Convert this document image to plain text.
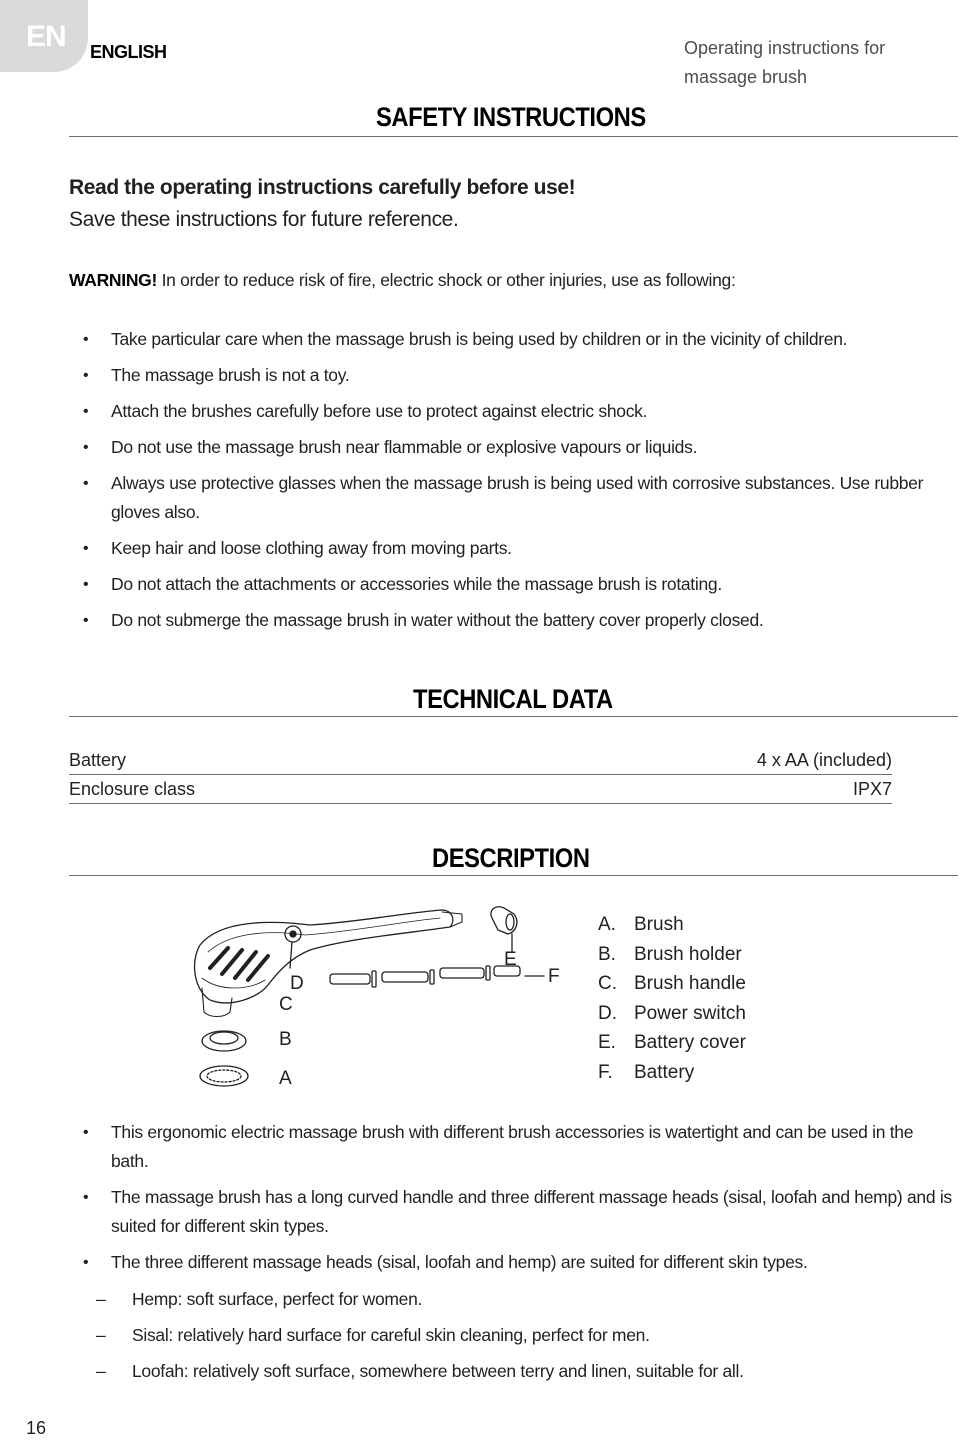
EN ENGLISH	Operating instructions for massage brush
SAFETY INSTRUCTIONS
Read the operating instructions carefully before use!
Save these instructions for future reference.
WARNING! In order to reduce risk of fire, electric shock or other injuries, use as following:
• Take particular care when the massage brush is being used by children or in the vicinity of children.
• The massage brush is not a toy.
• Attach the brushes carefully before use to protect against electric shock.
• Do not use the massage brush near flammable or explosive vapours or liquids.
• Always use protective glasses when the massage brush is being used with corrosive substances. Use rubber gloves also.
• Keep hair and loose clothing away from moving parts.
• Do not attach the attachments or accessories while the massage brush is rotating.
• Do not submerge the massage brush in water without the battery cover properly closed.
TECHNICAL DATA
Battery	4 x AA (included)
Enclosure class	IPX7
DESCRIPTION
D
C
B
A
E
F
A. Brush
B. Brush holder
C. Brush handle
D. Power switch
E. Battery cover
F.	Battery
• This ergonomic electric massage brush with different brush accessories is watertight and can be used in the bath.
• The massage brush has a long curved handle and three different massage heads (sisal, loofah and hemp) and is suited for different skin types.
• The three different massage heads (sisal, loofah and hemp) are suited for different skin types.
– Hemp: soft surface, perfect for women.
– Sisal: relatively hard surface for careful skin cleaning, perfect for men.
– Loofah: relatively soft surface, somewhere between terry and linen, suitable for all.
16
